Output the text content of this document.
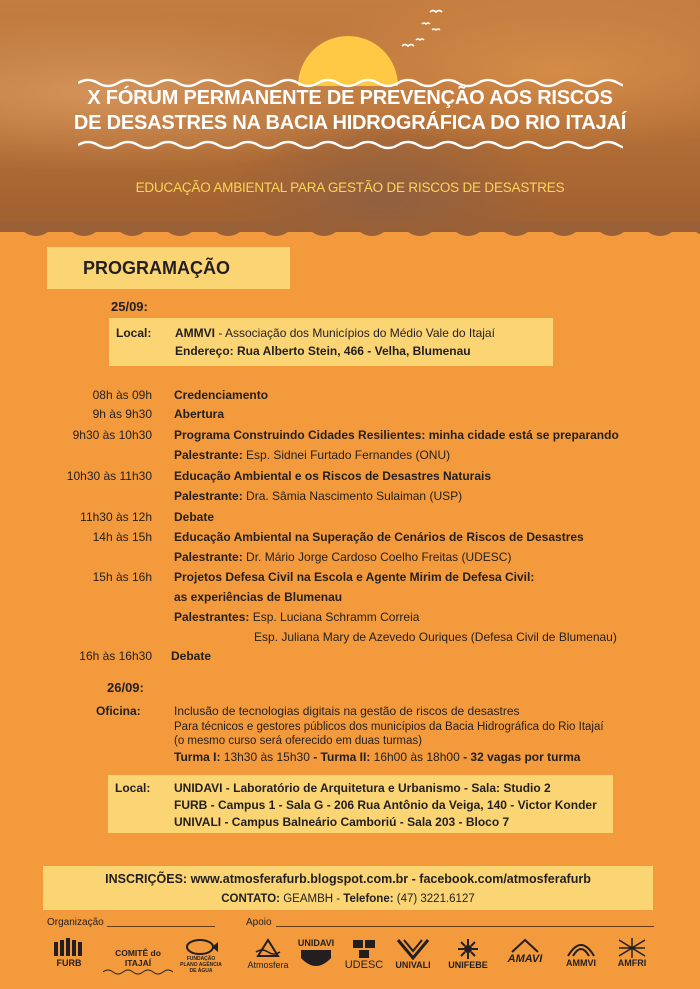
X FÓRUM PERMANENTE DE PREVENÇÃO AOS RISCOS
DE DESASTRES NA BACIA HIDROGRÁFICA DO RIO ITAJAÍ
EDUCAÇÃO AMBIENTAL PARA GESTÃO DE RISCOS DE DESASTRES
PROGRAMAÇÃO
25/09:
Local: AMMVI - Associação dos Municípios do Médio Vale do Itajaí
Endereço: Rua Alberto Stein, 466 - Velha, Blumenau
08h às 09h Credenciamento
9h às 9h30 Abertura
9h30 às 10h30 Programa Construindo Cidades Resilientes: minha cidade está se preparando
Palestrante: Esp. Sidnei Furtado Fernandes (ONU)
10h30 às 11h30 Educação Ambiental e os Riscos de Desastres Naturais
Palestrante: Dra. Sâmia Nascimento Sulaiman (USP)
11h30 às 12h Debate
14h às 15h Educação Ambiental na Superação de Cenários de Riscos de Desastres
Palestrante: Dr. Mário Jorge Cardoso Coelho Freitas (UDESC)
15h às 16h Projetos Defesa Civil na Escola e Agente Mirim de Defesa Civil:
as experiências de Blumenau
Palestrantes: Esp. Luciana Schramm Correia
Esp. Juliana Mary de Azevedo Ouriques (Defesa Civil de Blumenau)
16h às 16h30 Debate
26/09:
Oficina:	Inclusão de tecnologias digitais na gestão de riscos de desastres
Para técnicos e gestores públicos dos municípios da Bacia Hidrográfica do Rio Itajaí
(o mesmo curso será oferecido em duas turmas)
Turma I: 13h30 às 15h30 - Turma II: 16h00 às 18h00 - 32 vagas por turma
Local: UNIDAVI - Laboratório de Arquitetura e Urbanismo - Sala: Studio 2
FURB - Campus 1 - Sala G - 206 Rua Antônio da Veiga, 140 - Victor Konder
UNIVALI - Campus Balneário Camboriú - Sala 203 - Bloco 7
INSCRIÇÕES: www.atmosferafurb.blogspot.com.br - facebook.com/atmosferafurb
CONTATO: GEAMBH - Telefone: (47) 3221.6127
Organização	Apoio
FURB
COMITÊ do ITAJAÍ	FUNDAÇÃO PLANO AGÊNCIA DE ÁGUA
Atmosfera
UNIDAVI
UDESC	UNIVALI	UNIFEBE	AMAVI	AMMVI	AMFRI
